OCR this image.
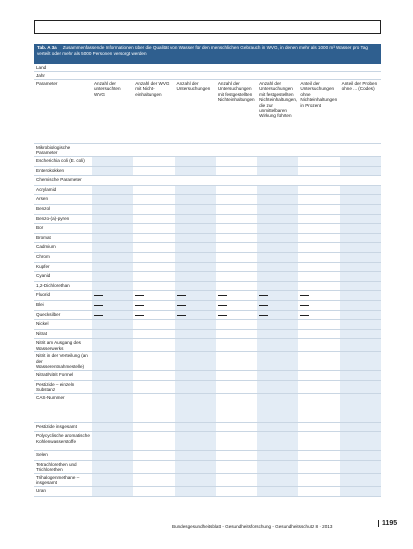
Tab. A 3a Zusammenfassende Informationen über die Qualität von Wasser für den menschlichen Gebrauch in WVG, in denen mehr als 1000 m³ Wasser pro Tag verteilt oder mehr als 5000 Personen versorgt werden
Land
Jahr
Parameter	Anzahl der untersuchten WVG
Anzahl der WVG mit Nicht-einhaltungen
Anzahl der Untersuchungen
Anzahl der Untersuchungen mit festgestellten Nichteinhaltungen
Anzahl der Untersuchungen mit festgestellten Nichteinhaltungen, die zur unmittelbaren Wirkung führten
Anteil der Untersuchungen ohne Nichteinhaltungen in Prozent
Anteil der Proben ohne ... (Codes)
Mikrobiologische Parameter
Escherichia coli (E. coli)
Enterokokken
Chemische Parameter
Acrylamid
Arsen
Benzol
Benzo-(a)-pyren
Bor
Bromat
Cadmium
Chrom
Kupfer
Cyanid
1,2-Dichlorethan
Fluorid
Blei
Quecksilber
Nickel
Nitrat
Nitrit am Ausgang des Wasserwerks
Nitrit in der Verteilung (an der Wasserentnahmestelle)
Nitrat/Nitrit Formel
Pestizide – einzeln Substanz
CAS-Nummer
Pestizide insgesamt
Polycyclische aromatische Kohlenwasserstoffe
Selen
Tetrachlorethen und Trichlorethen
Trihalogenmethane – insgesamt
Uran
Bundesgesundheitsblatt - Gesundheitsforschung - Gesundheitsschutz 8 · 2013	1195
